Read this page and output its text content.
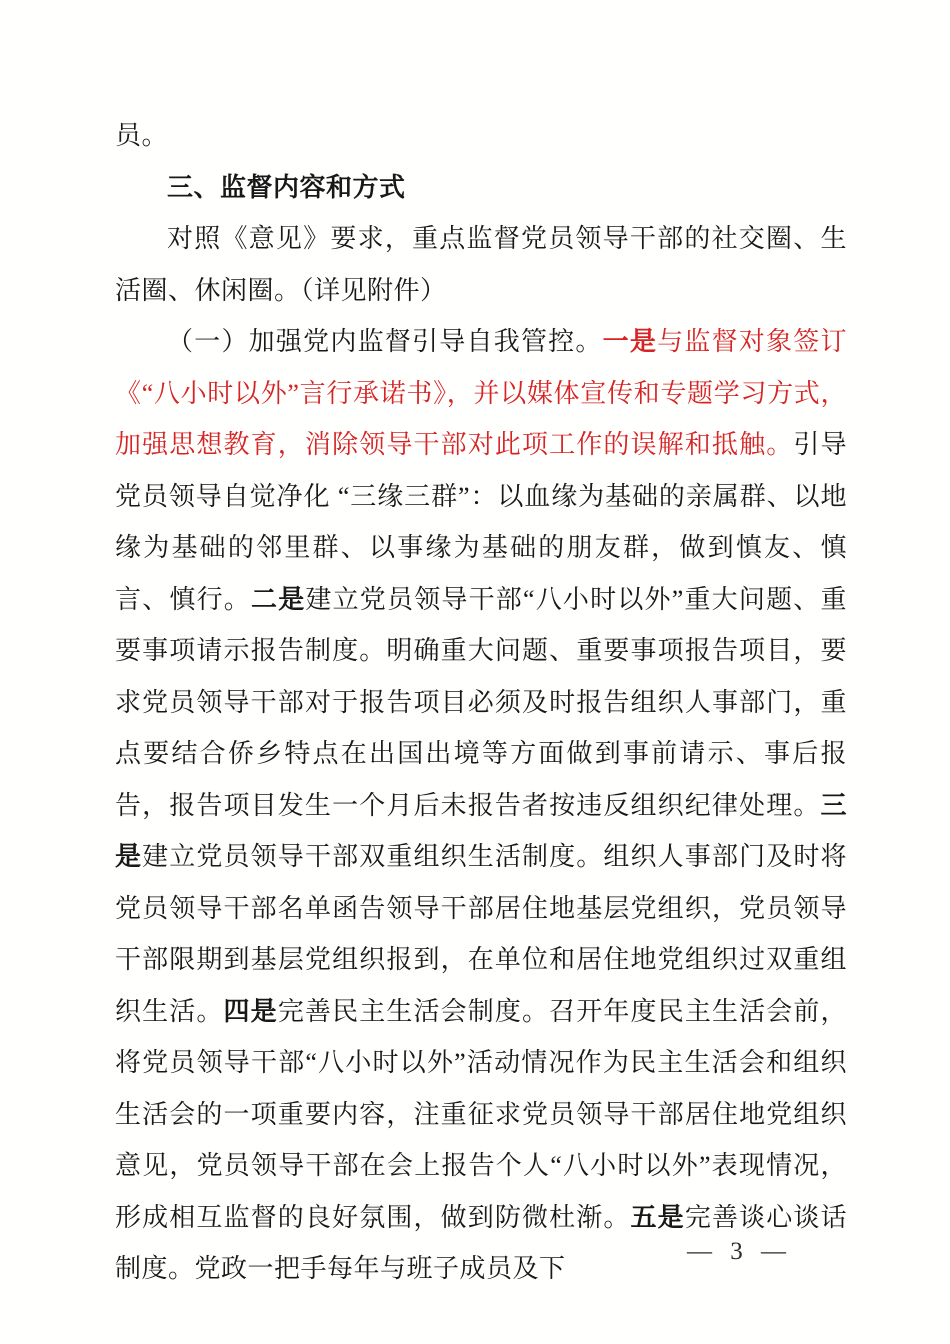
员。

三、监督内容和方式

对照《意见》要求，重点监督党员领导干部的社交圈、生活圈、休闲圈。（详见附件）

（一）加强党内监督引导自我管控。一是与监督对象签订《“八小时以外”言行承诺书》，并以媒体宣传和专题学习方式，加强思想教育，消除领导干部对此项工作的误解和抵触。引导党员领导自觉净化 “三缘三群”：以血缘为基础的亲属群、以地缘为基础的邻里群、以事缘为基础的朋友群，做到慎友、慎言、慎行。二是建立党员领导干部“八小时以外”重大问题、重要事项请示报告制度。明确重大问题、重要事项报告项目，要求党员领导干部对于报告项目必须及时报告组织人事部门，重点要结合侨乡特点在出国出境等方面做到事前请示、事后报告，报告项目发生一个月后未报告者按违反组织纪律处理。三是建立党员领导干部双重组织生活制度。组织人事部门及时将党员领导干部名单函告领导干部居住地基层党组织，党员领导干部限期到基层党组织报到，在单位和居住地党组织过双重组织生活。四是完善民主生活会制度。召开年度民主生活会前，将党员领导干部“八小时以外”活动情况作为民主生活会和组织生活会的一项重要内容，注重征求党员领导干部居住地党组织意见，党员领导干部在会上报告个人“八小时以外”表现情况，形成相互监督的良好氛围，做到防微杜渐。五是完善谈心谈话制度。党政一把手每年与班子成员及下

— 3 —
